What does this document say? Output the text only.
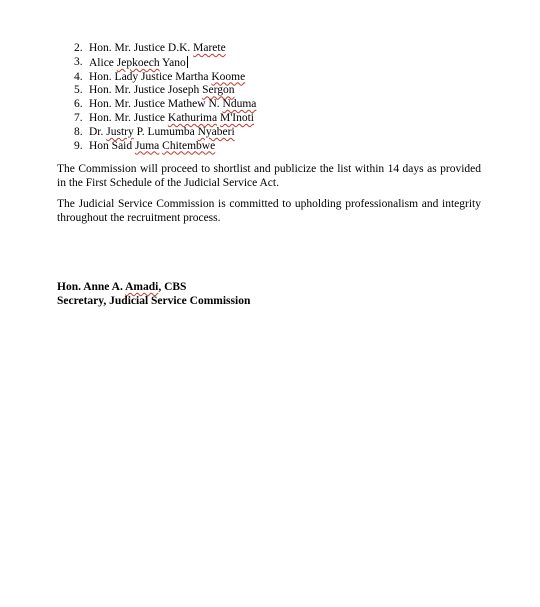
2. Hon. Mr. Justice D.K. Marete
3. Alice Jepkoech Yano
4. Hon. Lady Justice Martha Koome
5. Hon. Mr. Justice Joseph Sergon
6. Hon. Mr. Justice Mathew N. Nduma
7. Hon. Mr. Justice Kathurima M'Inoti
8. Dr. Justry P. Lumumba Nyaberi
9. Hon Said Juma Chitembwe

The Commission will proceed to shortlist and publicize the list within 14 days as provided in the First Schedule of the Judicial Service Act.

The Judicial Service Commission is committed to upholding professionalism and integrity throughout the recruitment process.

Hon. Anne A. Amadi, CBS

Secretary, Judicial Service Commission
